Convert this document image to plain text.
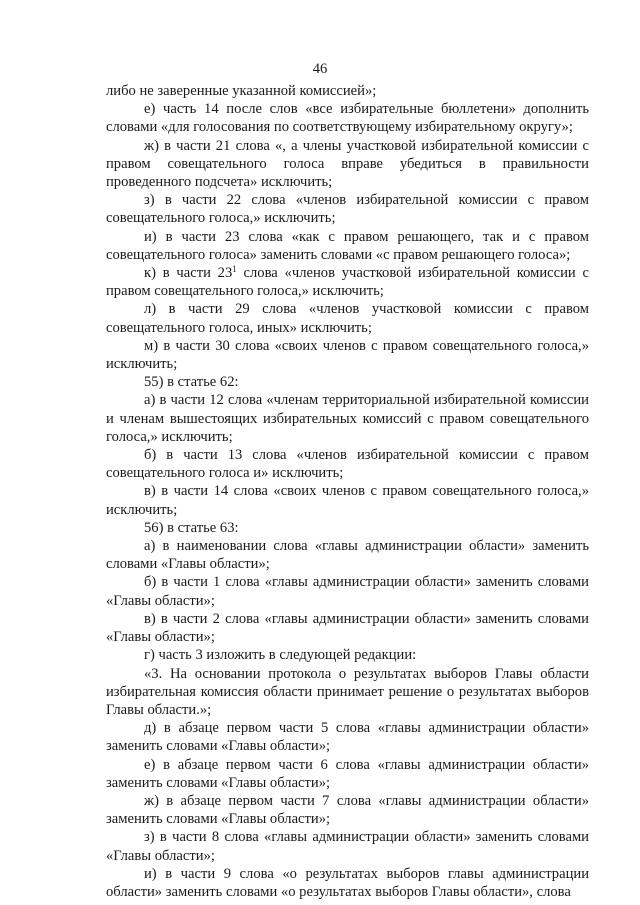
46

либо не заверенные указанной комиссией»;

е) часть 14 после слов «все избирательные бюллетени» дополнить словами «для голосования по соответствующему избирательному округу»;

ж) в части 21 слова «, а члены участковой избирательной комиссии с правом совещательного голоса вправе убедиться в правильности проведенного подсчета» исключить;

з) в части 22 слова «членов избирательной комиссии с правом совещательного голоса,» исключить;

и) в части 23 слова «как с правом решающего, так и с правом совещательного голоса» заменить словами «с правом решающего голоса»;

к) в части $23^1$ слова «членов участковой избирательной комиссии с правом совещательного голоса,» исключить;

л) в части 29 слова «членов участковой комиссии с правом совещательного голоса, иных» исключить;

м) в части 30 слова «своих членов с правом совещательного голоса,» исключить;

55) в статье 62:

а) в части 12 слова «членам территориальной избирательной комиссии и членам вышестоящих избирательных комиссий с правом совещательного голоса,» исключить;

б) в части 13 слова «членов избирательной комиссии с правом совещательного голоса и» исключить;

в) в части 14 слова «своих членов с правом совещательного голоса,» исключить;

56) в статье 63:

а) в наименовании слова «главы администрации области» заменить словами «Главы области»;

б) в части 1 слова «главы администрации области» заменить словами «Главы области»;

в) в части 2 слова «главы администрации области» заменить словами «Главы области»;

г) часть 3 изложить в следующей редакции:

«3. На основании протокола о результатах выборов Главы области избирательная комиссия области принимает решение о результатах выборов Главы области.»;

д) в абзаце первом части 5 слова «главы администрации области» заменить словами «Главы области»;

е) в абзаце первом части 6 слова «главы администрации области» заменить словами «Главы области»;

ж) в абзаце первом части 7 слова «главы администрации области» заменить словами «Главы области»;

з) в части 8 слова «главы администрации области» заменить словами «Главы области»;

и) в части 9 слова «о результатах выборов главы администрации области» заменить словами «о результатах выборов Главы области», слова
